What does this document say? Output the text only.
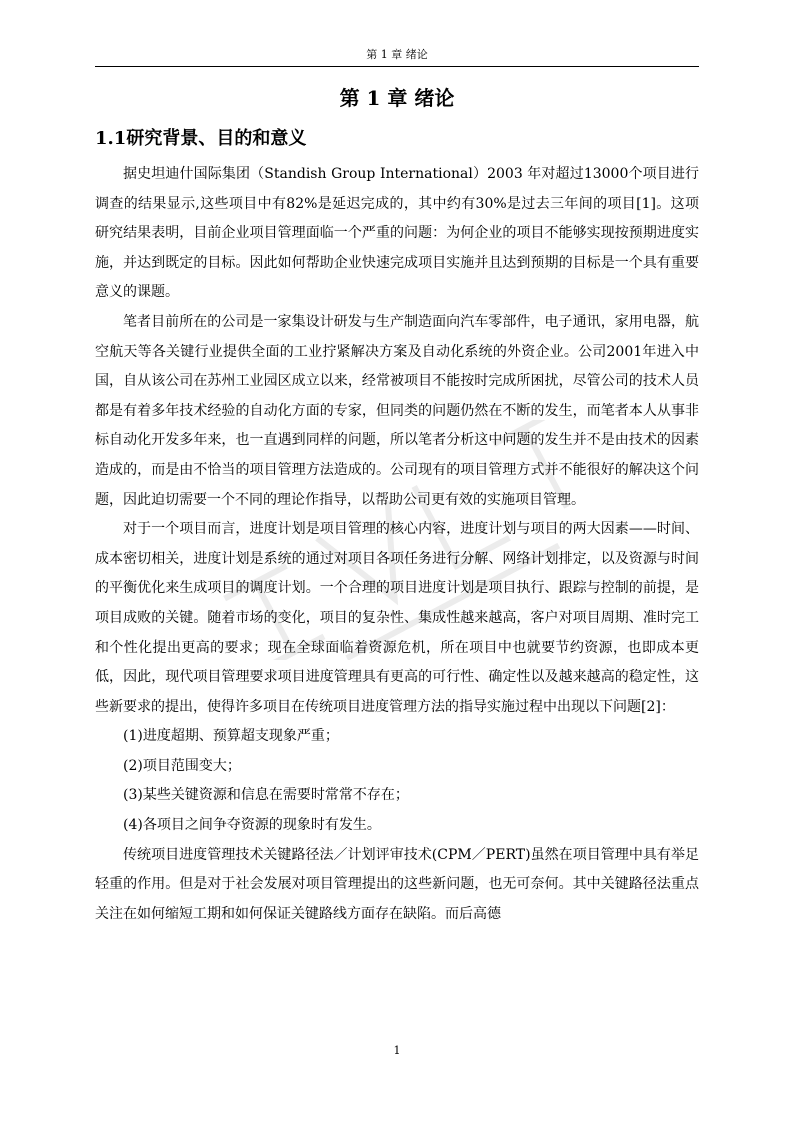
第 1 章 绪论
第 1 章 绪论
1.1研究背景、目的和意义

据史坦迪什国际集团（Standish Group International）2003 年对超过13000个项目进行调查的结果显示,这些项目中有82%是延迟完成的，其中约有30%是过去三年间的项目[1]。这项研究结果表明，目前企业项目管理面临一个严重的问题：为何企业的项目不能够实现按预期进度实施，并达到既定的目标。因此如何帮助企业快速完成项目实施并且达到预期的目标是一个具有重要意义的课题。

笔者目前所在的公司是一家集设计研发与生产制造面向汽车零部件，电子通讯，家用电器，航空航天等各关键行业提供全面的工业拧紧解决方案及自动化系统的外资企业。公司2001年进入中国，自从该公司在苏州工业园区成立以来，经常被项目不能按时完成所困扰，尽管公司的技术人员都是有着多年技术经验的自动化方面的专家，但同类的问题仍然在不断的发生，而笔者本人从事非标自动化开发多年来，也一直遇到同样的问题，所以笔者分析这中问题的发生并不是由技术的因素造成的，而是由不恰当的项目管理方法造成的。公司现有的项目管理方式并不能很好的解决这个问题，因此迫切需要一个不同的理论作指导，以帮助公司更有效的实施项目管理。

对于一个项目而言，进度计划是项目管理的核心内容，进度计划与项目的两大因素——时间、成本密切相关，进度计划是系统的通过对项目各项任务进行分解、网络计划排定，以及资源与时间的平衡优化来生成项目的调度计划。一个合理的项目进度计划是项目执行、跟踪与控制的前提，是项目成败的关键。随着市场的变化，项目的复杂性、集成性越来越高，客户对项目周期、准时完工和个性化提出更高的要求；现在全球面临着资源危机，所在项目中也就要节约资源，也即成本更低，因此，现代项目管理要求项目进度管理具有更高的可行性、确定性以及越来越高的稳定性，这些新要求的提出，使得许多项目在传统项目进度管理方法的指导实施过程中出现以下问题[2]：

(1)进度超期、预算超支现象严重；

(2)项目范围变大；

(3)某些关键资源和信息在需要时常常不存在；

(4)各项目之间争夺资源的现象时有发生。

传统项目进度管理技术关键路径法／计划评审技术(CPM／PERT)虽然在项目管理中具有举足轻重的作用。但是对于社会发展对项目管理提出的这些新问题，也无可奈何。其中关键路径法重点关注在如何缩短工期和如何保证关键路线方面存在缺陷。而后高德

1
